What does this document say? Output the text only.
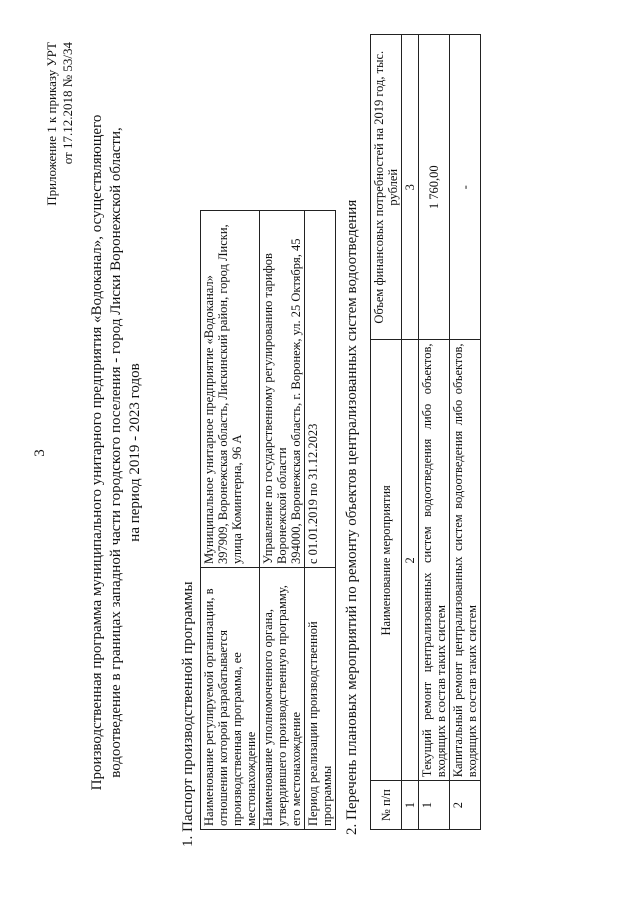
3
Приложение 1 к приказу УРТ от 17.12.2018 № 53/34
Производственная программа муниципального унитарного предприятия «Водоканал», осуществляющего водоотведение в границах западной части городского поселения - город Лиски Воронежской области, на период 2019 - 2023 годов
1. Паспорт производственной программы Наименование регулируемой организации, в отношении которой разрабатывается производственная программа, ее местонахождение	Муниципальное унитарное предприятие «Водоканал» 397909, Воронежская область, Лискинский район, город Лиски, улица Коминтерна, 96 А

Наименование уполномоченного органа, утвердившего производственную программу, его местонахождение	Управление по государственному регулированию тарифов Воронежской области 394000, Воронежская область, г. Воронеж, ул. 25 Октября, 45

Период реализации производственной программы	с 01.01.2019 по 31.12.2023 2. Перечень плановых мероприятий по ремонту объектов централизованных систем водоотведения № п/п	Наименование мероприятия	Объем финансовых потребностей на 2019 год, тыс. рублей
1	2	3
1	Текущий ремонт централизованных систем водоотведения либо объектов, входящих в состав таких систем	1 760,00
2	Капитальный ремонт централизованных систем водоотведения либо объектов, входящих в состав таких систем	-
